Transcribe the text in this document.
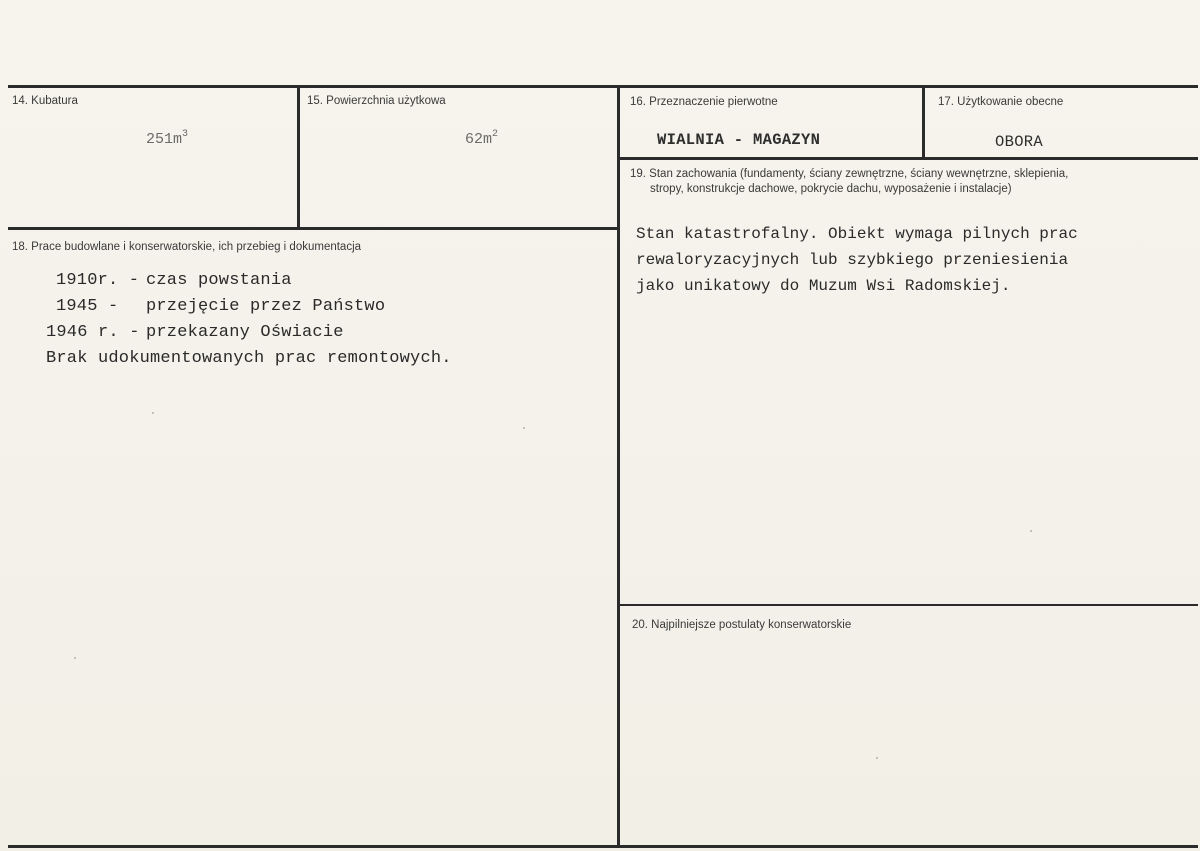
14. Kubatura
$251m^3$
15. Powierzchnia użytkowa
$62m^2$
16. Przeznaczenie pierwotne
WIALNIA - MAGAZYN
17. Użytkowanie obecne
OBORA
18. Prace budowlane i konserwatorskie, ich przebieg i dokumentacja
1910r. - czas powstania
1945 - przejęcie przez Państwo
1946 r. - przekazany Oświacie
Brak udokumentowanych prac remontowych.
19. Stan zachowania (fundamenty, ściany zewnętrzne, ściany wewnętrzne, sklepienia,
stropy, konstrukcje dachowe, pokrycie dachu, wyposażenie i instalacje)
Stan katastrofalny. Obiekt wymaga pilnych prac
rewaloryzacyjnych lub szybkiego przeniesienia
jako unikatowy do Muzum Wsi Radomskiej.
20. Najpilniejsze postulaty konserwatorskie
